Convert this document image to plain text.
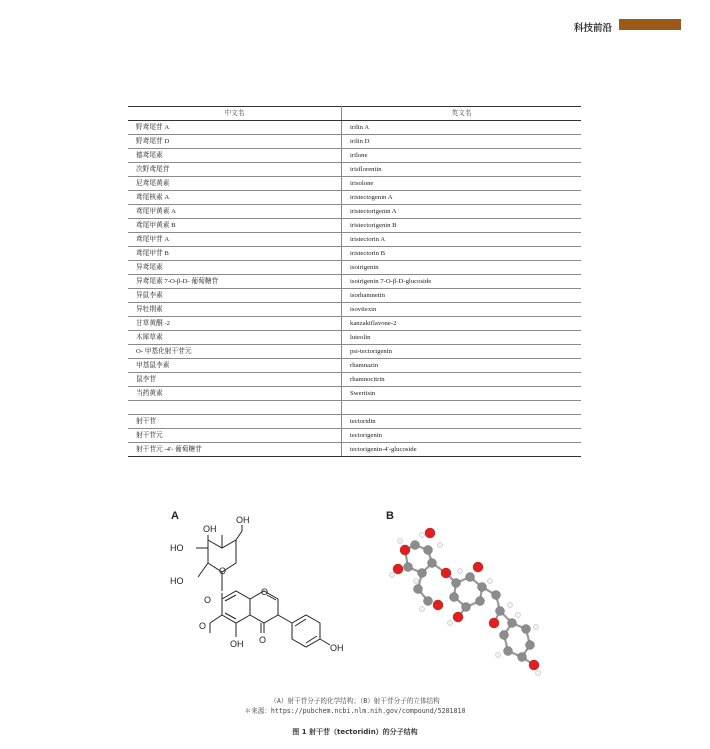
科技前沿
中文名	英文名
野鸢尾苷 A	irilin A
野鸢尾苷 D	irilin D
德鸢尾素	irilone
次野鸢尾苷	irisflorentin
尼鸢尾黄素	irisolone
鸢尾核素 A	iristectogenin A
鸢尾甲黄素 A	iristectorigenin A
鸢尾甲黄素 B	iristectorigenin B
鸢尾甲苷 A	iristectorin A
鸢尾甲苷 B	iristectorin B
异鸢尾素	isoirigenin
异鸢尾素 7-O-β-D- 葡萄糖苷	isoirigenin 7-O-β-D-glucoside
异鼠李素	isorhamnetin
异牡荆素	isovitexin
甘草黄酮 -2	kanzakiflavone-2
木犀草素	luteolin
O- 甲基化射干苷元	psi-tectorigenin
甲基鼠李素	rhamnazin
鼠李苷	rhamnocitrin
当药黄素	Swertisin

射干苷	tectoridin
射干苷元	tectorigenin
射干苷元 -4'- 葡萄糖苷	tectorigenin-4'-glucoside
A	B
OH
OH
HO
HO
O
O
O
O
OH O
OH
（A）射干苷分子的化学结构；（B）射干苷分子的立体结构
＊来源：https://pubchem.ncbi.nlm.nih.gov/compound/5281810
图 1 射干苷（tectoridin）的分子结构
